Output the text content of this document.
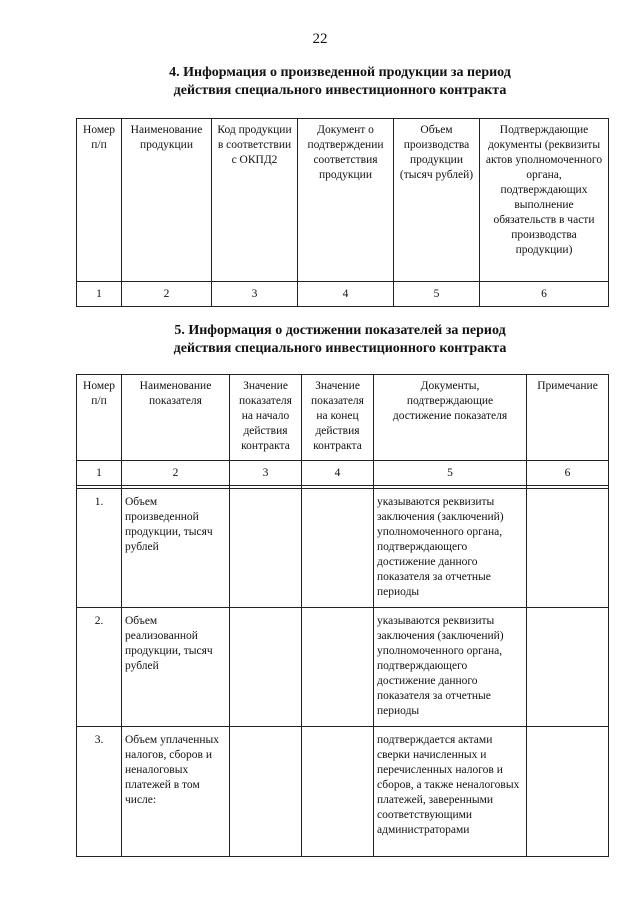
22
4. Информация о произведенной продукции за период
действия специального инвестиционного контракта
Номер п/п	Наименование продукции	Код продукции в соответствии с ОКПД2	Документ о подтверждении соответствия продукции	Объем производства продукции (тысяч рублей)	Подтверждающие документы (реквизиты актов уполномоченного органа, подтверждающих выполнение обязательств в части производства продукции)
1	2	3	4	5	6
5. Информация о достижении показателей за период
действия специального инвестиционного контракта
Номер п/п	Наименование показателя	Значение показателя на начало действия контракта	Значение показателя на конец действия контракта	Документы, подтверждающие достижение показателя	Примечание
1	2	3	4	5	6

1.	Объем произведенной продукции, тысяч рублей			указываются реквизиты заключения (заключений) уполномоченного органа, подтверждающего достижение данного показателя за отчетные периоды	
2.	Объем реализованной продукции, тысяч рублей			указываются реквизиты заключения (заключений) уполномоченного органа, подтверждающего достижение данного показателя за отчетные периоды	
3.	Объем уплаченных налогов, сборов и неналоговых платежей в том числе:			подтверждается актами сверки начисленных и перечисленных налогов и сборов, а также неналоговых платежей, заверенными соответствующими администраторами	
